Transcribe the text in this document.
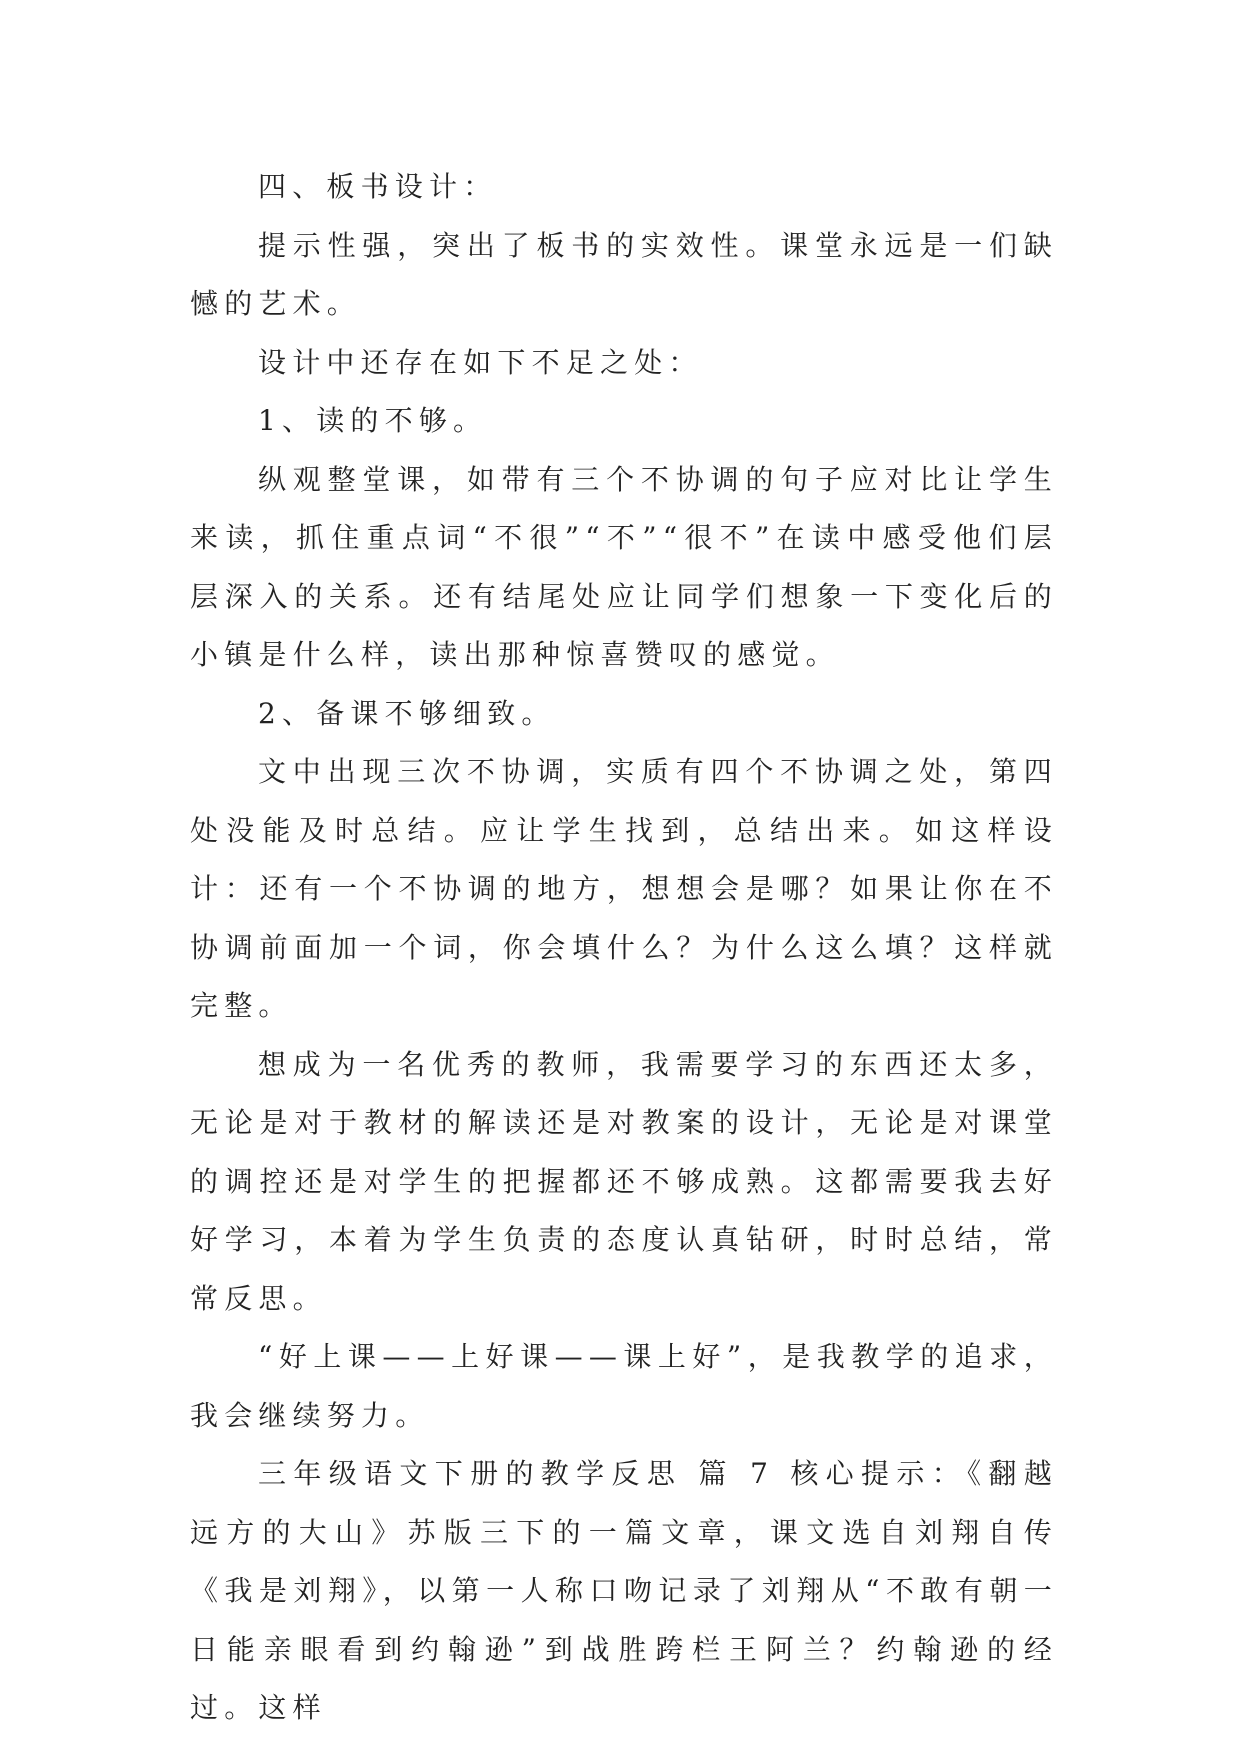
四、板书设计：

提示性强，突出了板书的实效性。课堂永远是一们缺憾的艺术。

设计中还存在如下不足之处：

1、读的不够。

纵观整堂课，如带有三个不协调的句子应对比让学生来读，抓住重点词“不很”“不”“很不”在读中感受他们层层深入的关系。还有结尾处应让同学们想象一下变化后的小镇是什么样，读出那种惊喜赞叹的感觉。

2、备课不够细致。

文中出现三次不协调，实质有四个不协调之处，第四处没能及时总结。应让学生找到，总结出来。如这样设计：还有一个不协调的地方，想想会是哪？如果让你在不协调前面加一个词，你会填什么？为什么这么填？这样就完整。

想成为一名优秀的教师，我需要学习的东西还太多，无论是对于教材的解读还是对教案的设计，无论是对课堂的调控还是对学生的把握都还不够成熟。这都需要我去好好学习，本着为学生负责的态度认真钻研，时时总结，常常反思。

“好上课——上好课——课上好”，是我教学的追求，我会继续努力。

三年级语文下册的教学反思 篇 7 核心提示：《翻越远方的大山》苏版三下的一篇文章，课文选自刘翔自传《我是刘翔》，以第一人称口吻记录了刘翔从“不敢有朝一日能亲眼看到约翰逊”到战胜跨栏王阿兰？约翰逊的经过。这样
